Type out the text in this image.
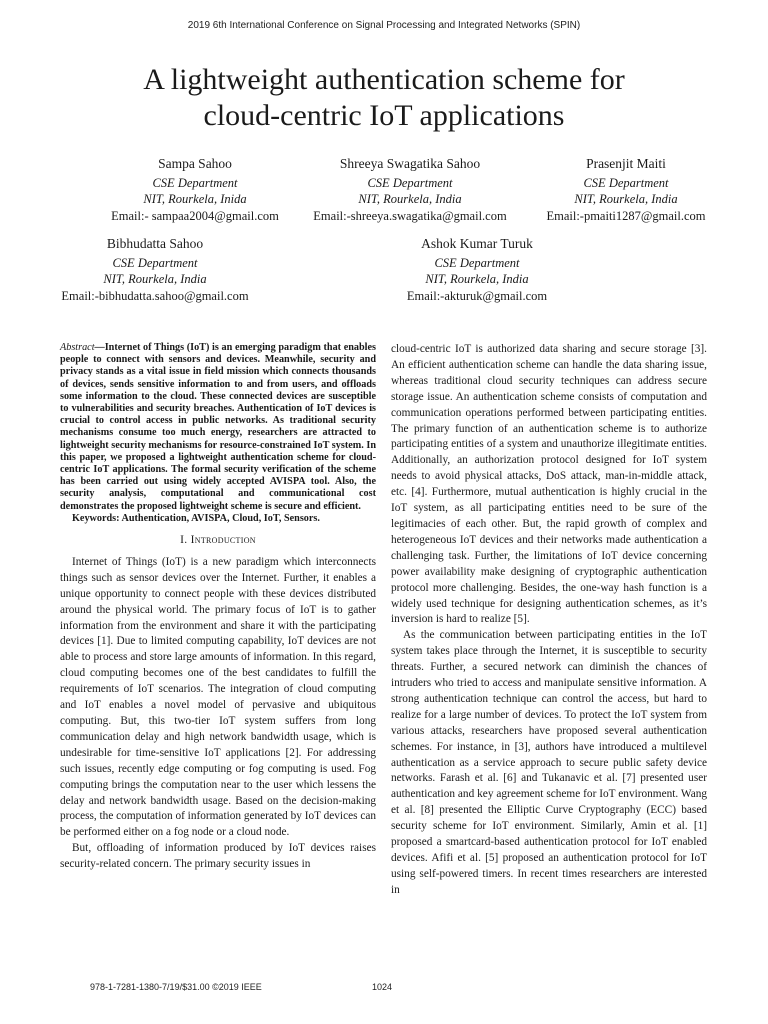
2019 6th International Conference on Signal Processing and Integrated Networks (SPIN)
A lightweight authentication scheme for
cloud-centric IoT applications
Sampa Sahoo
CSE Department
NIT, Rourkela, Inida
Email:- sampaa2004@gmail.com
Shreeya Swagatika Sahoo
CSE Department
NIT, Rourkela, India
Email:-shreeya.swagatika@gmail.com
Prasenjit Maiti
CSE Department
NIT, Rourkela, India
Email:-pmaiti1287@gmail.com
Bibhudatta Sahoo
CSE Department
NIT, Rourkela, India
Email:-bibhudatta.sahoo@gmail.com
Ashok Kumar Turuk
CSE Department
NIT, Rourkela, India
Email:-akturuk@gmail.com

Abstract—Internet of Things (IoT) is an emerging paradigm that enables people to connect with sensors and devices. Meanwhile, security and privacy stands as a vital issue in field mission which connects thousands of devices, sends sensitive information to and from users, and offloads some information to the cloud. These connected devices are susceptible to vulnerabilities and security breaches. Authentication of IoT devices is crucial to control access in public networks. As traditional security mechanisms consume too much energy, researchers are attracted to lightweight security mechanisms for resource-constrained IoT system. In this paper, we proposed a lightweight authentication scheme for cloud-centric IoT applications. The formal security verification of the scheme has been carried out using widely accepted AVISPA tool. Also, the security analysis, computational and communicational cost demonstrates the proposed lightweight scheme is secure and efficient.

Keywords: Authentication, AVISPA, Cloud, IoT, Sensors.

I. Introduction

Internet of Things (IoT) is a new paradigm which interconnects things such as sensor devices over the Internet. Further, it enables a unique opportunity to connect people with these devices distributed around the physical world. The primary focus of IoT is to gather information from the environment and share it with the participating devices [1]. Due to limited computing capability, IoT devices are not able to process and store large amounts of information. In this regard, cloud computing becomes one of the best candidates to fulfill the requirements of IoT scenarios. The integration of cloud computing and IoT enables a novel model of pervasive and ubiquitous computing. But, this two-tier IoT system suffers from long communication delay and high network bandwidth usage, which is undesirable for time-sensitive IoT applications [2]. For addressing such issues, recently edge computing or fog computing is used. Fog computing brings the computation near to the user which lessens the delay and network bandwidth usage. Based on the decision-making process, the computation of information generated by IoT devices can be performed either on a fog node or a cloud node.

But, offloading of information produced by IoT devices raises security-related concern. The primary security issues in

cloud-centric IoT is authorized data sharing and secure storage [3]. An efficient authentication scheme can handle the data sharing issue, whereas traditional cloud security techniques can address secure storage issue. An authentication scheme consists of computation and communication operations performed between participating entities. The primary function of an authentication scheme is to authorize participating entities of a system and unauthorize illegitimate entities. Additionally, an authorization protocol designed for IoT system needs to avoid physical attacks, DoS attack, man-in-middle attack, etc. [4]. Furthermore, mutual authentication is highly crucial in the IoT system, as all participating entities need to be sure of the legitimacies of each other. But, the rapid growth of complex and heterogeneous IoT devices and their networks made authentication a challenging task. Further, the limitations of IoT device concerning power availability make designing of cryptographic authentication protocol more challenging. Besides, the one-way hash function is a widely used technique for designing authentication schemes, as it’s inversion is hard to realize [5].

As the communication between participating entities in the IoT system takes place through the Internet, it is susceptible to security threats. Further, a secured network can diminish the chances of intruders who tried to access and manipulate sensitive information. A strong authentication technique can control the access, but hard to realize for a large number of devices. To protect the IoT system from various attacks, researchers have proposed several authentication schemes. For instance, in [3], authors have introduced a multilevel authentication as a service approach to secure public safety device networks. Farash et al. [6] and Tukanavic et al. [7] presented user authentication and key agreement scheme for IoT environment. Wang et al. [8] presented the Elliptic Curve Cryptography (ECC) based security scheme for IoT environment. Similarly, Amin et al. [1] proposed a smartcard-based authentication protocol for IoT enabled devices. Afifi et al. [5] proposed an authentication protocol for IoT using self-powered timers. In recent times researchers are interested in

978-1-7281-1380-7/19/$31.00 ©2019 IEEE	1024
